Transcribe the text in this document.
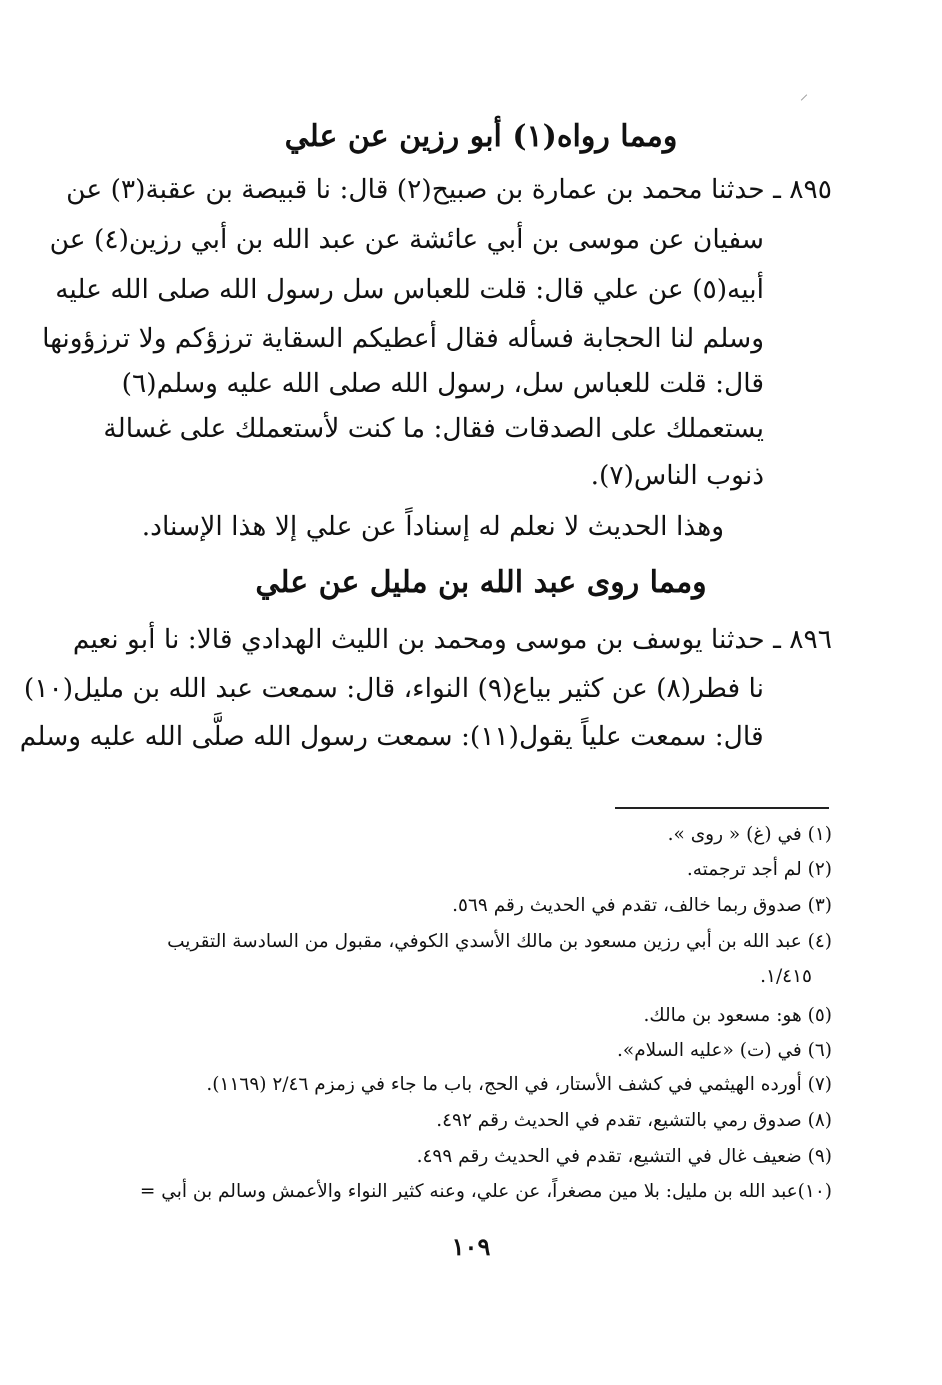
ومما رواه(١) أبو رزين عن علي
٨٩٥ ـ حدثنا محمد بن عمارة بن صبيح(٢) قال: نا قبيصة بن عقبة(٣) عن
سفيان عن موسى بن أبي عائشة عن عبد الله بن أبي رزين(٤) عن
أبيه(٥) عن علي قال: قلت للعباس سل رسول الله صلى الله عليه
وسلم لنا الحجابة فسأله فقال أعطيكم السقاية ترزؤكم ولا ترزؤونها
قال: قلت للعباس سل، رسول الله صلى الله عليه وسلم(٦)
يستعملك على الصدقات فقال: ما كنت لأستعملك على غسالة
ذنوب الناس(٧).
وهذا الحديث لا نعلم له إسناداً عن علي إلا هذا الإسناد.
ومما روى عبد الله بن مليل عن علي
٨٩٦ ـ حدثنا يوسف بن موسى ومحمد بن الليث الهدادي قالا: نا أبو نعيم
نا فطر(٨) عن كثير بياع(٩) النواء، قال: سمعت عبد الله بن مليل(١٠)
قال: سمعت علياً يقول(١١): سمعت رسول الله صلَّى الله عليه وسلم
(١) في (غ) « روى ».
(٢) لم أجد ترجمته.
(٣) صدوق ربما خالف، تقدم في الحديث رقم ٥٦٩.
(٤) عبد الله بن أبي رزين مسعود بن مالك الأسدي الكوفي، مقبول من السادسة التقريب
١/٤١٥.
(٥) هو: مسعود بن مالك.
(٦) في (ت) «عليه السلام».
(٧) أورده الهيثمي في كشف الأستار، في الحج، باب ما جاء في زمزم ٢/٤٦ (١١٦٩).
(٨) صدوق رمي بالتشيع، تقدم في الحديث رقم ٤٩٢.
(٩) ضعيف غال في التشيع، تقدم في الحديث رقم ٤٩٩.
(١٠)عبد الله بن مليل: بلا مين مصغراً، عن علي، وعنه كثير النواء والأعمش وسالم بن أبي =
١٠٩
